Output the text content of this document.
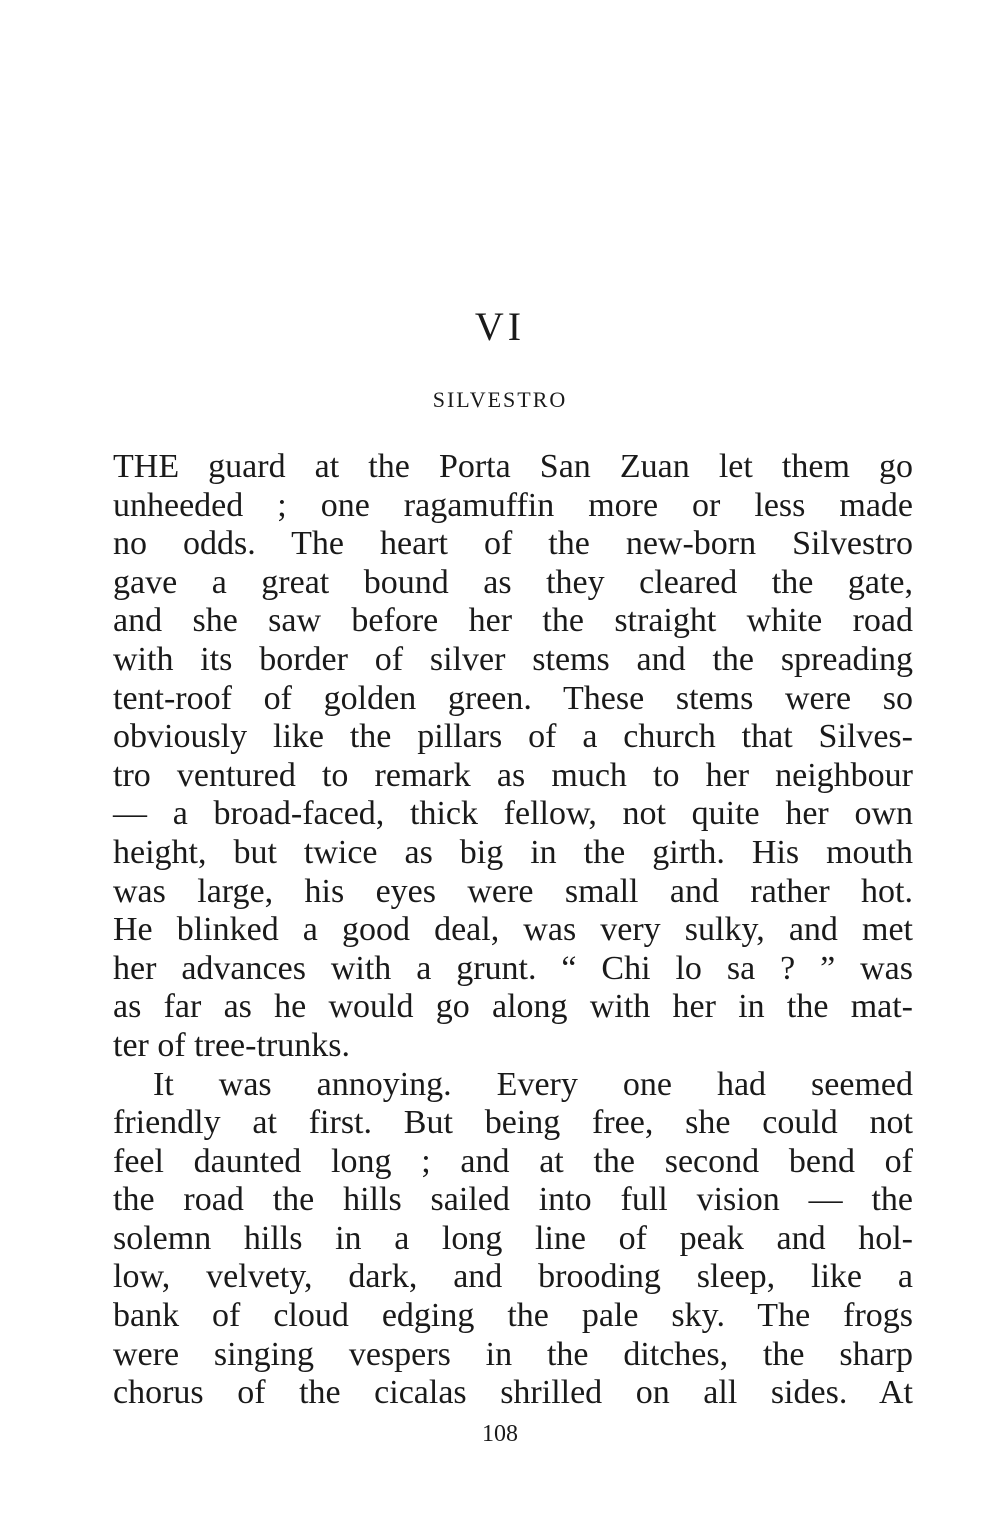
VI
SILVESTRO
THE guard at the Porta San Zuan let them go
unheeded ; one ragamuffin more or less made
no odds. The heart of the new-born Silvestro
gave a great bound as they cleared the gate,
and she saw before her the straight white road
with its border of silver stems and the spreading
tent-roof of golden green. These stems were so
obviously like the pillars of a church that Silves-
tro ventured to remark as much to her neighbour
— a broad-faced, thick fellow, not quite her own
height, but twice as big in the girth. His mouth
was large, his eyes were small and rather hot.
He blinked a good deal, was very sulky, and met
her advances with a grunt. “ Chi lo sa ? ” was
as far as he would go along with her in the mat-
ter of tree-trunks.
It was annoying. Every one had seemed
friendly at first. But being free, she could not
feel daunted long ; and at the second bend of
the road the hills sailed into full vision — the
solemn hills in a long line of peak and hol-
low, velvety, dark, and brooding sleep, like a
bank of cloud edging the pale sky. The frogs
were singing vespers in the ditches, the sharp
chorus of the cicalas shrilled on all sides. At
108
